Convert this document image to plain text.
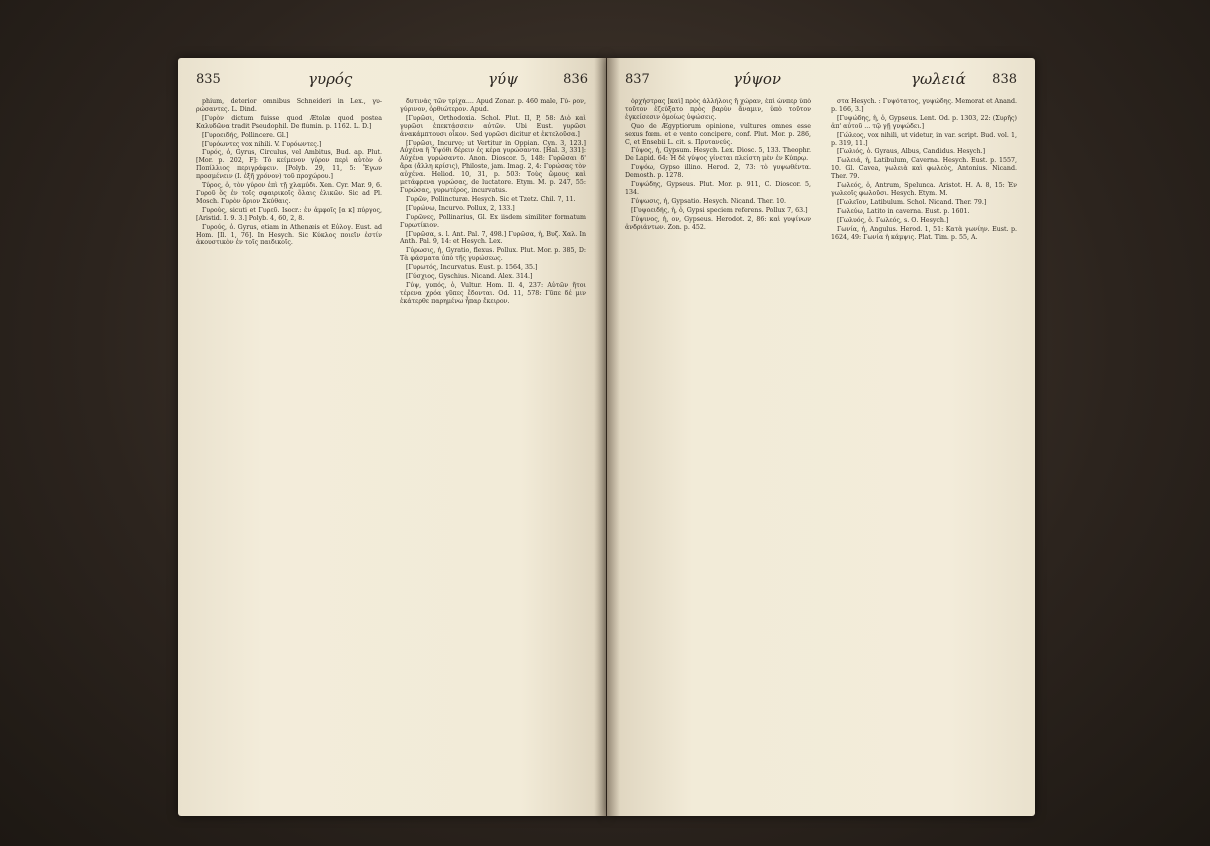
835	γυρός	γύψ	836

phium, deterior omnibus Schneideri in Lex., γυ- ρώσαντες. L. Dind.

[Γυρὸν dictum fuisse quod Ætolæ quod postea Καλυδῶνα tradit Pseudophil. De flumin. p. 1162. L. D.]

[Γυροειδής, Pollincere. Gl.]

[Γυρόωντες vox nihili. V. Γυρόωντες.]

Γυρός, ὁ, Gyrus, Circulus, vel Ambitus, Bud. ap. Plut. [Mor. p. 202, F]: Τὸ κείμενον γύρον περὶ αὐτὸν ὁ Ποπίλλιος περιγράφειν. [Polyb. 29, 11, 5: Ἔγων προσμένειν (Ι. ἐξῆ χρόνον) τοῦ προχώρου.]

Τύρος, ὁ, τὸν γύρον ἐπὶ τῇ χλαμύδι. Xen. Cyr. Mar. 9, 6. Γυροῦ ὅς ἐν τοῖς σφαιρικοῖς ὅλαις ἑλικῶν. Sic ad Pl. Mosch. Γυρὸν ὄριον Σκύθαις.

Γυροὺς, sicuti et Γυρεῦ. Isocr.: ἐν ἀμφοῖς [α κ] πύργος, [Aristid. Ι. 9. 3.] Polyb. 4, 60, 2, 8.

Γυρούς, ὁ. Gyrus, etiam in Athenæis et Εὐλογ. Eust. ad Hom. [Il. 1, 76]. In Hesych. Sic Κύκλος ποιεῖν ἐστίν ἀκουστικὸν ἐν τοῖς παιδικοῖς.

δυτινὰς τῶν τρίχα.... Apud Zonar. p. 460 male, Γύ- ρον, γύρινον, ὀρθιώτερον. Apud.

[Γυρῶσι, Orthodoxia. Schol. Plut. II, P, 58: Διὸ καὶ γυρῶσι ἐπεκτάσσειν αὐτῶν. Ubi Eust. γυρῶσι ἀνακάμπτουσι οἶκον. Sed γυρῶσι dicitur et ἐκτελοῦσα.]

[Γυρῶσι, Incurvo; ut Vertitur in Oppian. Cyn. 3, 123.] Αὐχένα ἢ Ὑψόθι δέρειν ἐς κέρα γυρώσαντα. [Hal. 3, 331]: Αὐχένα γυρώσαντο. Anon. Dioscor. 5, 148: Γυρῶσαι δ' ἄρα (ἄλλη κρίσις), Philoste, jam. Imag. 2, 4: Γυρώσας τὸν αὐχένα. Heliod. 10, 31, p. 503: Τοὺς ὤμους καὶ μετάφρενα γυρώσας, de luctatore. Etym. M. p. 247, 55: Γυρώσας, γυρωτέρος, incurvatus.

Γυρῶν, Pollincturæ. Hesych. Sic et Tzetz. Chil. 7, 11.

[Γυρώνω, Incurvo. Pollux, 2, 133.]

Γυρῶνες, Pollinarius, Gl. Ex iisdem similiter formatum Γυρωτίκιον.

[Γυρῶσα, s. l. Ant. Pal. 7, 498.] Γυρῶσα, ἡ, Βυζ. Χαλ. In Anth. Pal. 9, 14: et Hesych. Lex.

Γύρωσις, ἡ, Gyratio, flexus. Pollux. Plut. Mor. p. 385, D: Τὰ φάσματα ὑπὸ τῆς γυρώσεως.

[Γυρωτός, Incurvatus. Eust. p. 1564, 35.]

[Γύσχιος, Gyschius. Nicand. Alex. 314.]

Γύψ, γυπός, ὁ, Vultur. Hom. Il. 4, 237: Αὐτῶν ἤτοι τέρενα χρόα γῦπες ἔδονται. Od. 11, 578: Γῦπε δέ μιν ἑκάτερθε παρημένω ἧπαρ ἔκειρον.

837	γύψον	γωλειά 838

ὀρχήστρας [καὶ] πρὸς ἀλλήλοις ἢ χώραν, ἐπὶ ὧνπερ ὑπὸ τοῦτον ἐζεύξατο πρὸς βαρὺν ἄναμιν, ὑπὸ τοῦτον ἐγκείσεσιν ὁμοίως ὑψώσεις.

Quo de Ægyptiorum opinione, vultures omnes esse sexus fœm. et e vento concipere, conf. Plut. Mor. p. 286, C, et Ensebii L. cit. s. Πρυτανεύς.

Γύψος, ἡ, Gypsum. Hesych. Lex. Diosc. 5, 133. Theophr. De Lapid. 64: Ἡ δὲ γύψος γίνεται πλείστη μὲν ἐν Κύπρῳ.

Γυψόω, Gypso illino. Herod. 2, 73: τὸ γυψωθέντα. Demosth. p. 1278.

Γυψώδης, Gypseus. Plut. Mor. p. 911, C. Dioscor. 5, 134.

Γύψωσις, ἡ, Gypsatio. Hesych. Nicand. Ther. 10.

[Γυψοειδής, ἡ, ὁ, Gypsi speciem referens. Pollux 7, 63.]

Γύψινος, ἡ, ον, Gypseus. Herodot. 2, 86: καὶ γυψίνων ἀνδριάντων. Zon. p. 452.

στα Hesych. : Γυψότατος, γυψώδης. Memorat et Anand. p. 166, 3.]

[Γυψώδης, ἡ, ὁ, Gypseus. Lent. Od. p. 1303, 22: (Συρῆς) ἀπ' αὐτοῦ ... τῷ γῇ γυψώδει.]

[Γώλεος, vox nihili, ut videtur, in var. script. Bud. vol. 1, p. 319, 11.]

[Γωλιός, ὁ. Gyraus, Albus, Candidus. Hesych.]

Γωλειά, ἡ, Latibulum, Caverna. Hesych. Eust. p. 1557, 10. Gl. Cavea, γωλειὰ καὶ φωλεὸς, Antonius. Nicand. Ther. 79.

Γωλεός, ὁ, Antrum, Spelunca. Aristot. H. A. 8, 15: Ἐν γωλεοῖς φωλοῦσι. Hesych. Etym. M.

[Γωλεῖον, Latibulum. Schol. Nicand. Ther. 79.]

Γωλεύω, Latito in caverna. Eust. p. 1601.

[Γωλυός, ὁ. Γωλεός, s. Ο. Hesych.]

Γωνία, ἡ, Angulus. Herod. 1, 51: Κατὰ γωνίην. Eust. p. 1624, 49: Γωνία ἡ κάμψις. Plat. Tim. p. 55, Α.
